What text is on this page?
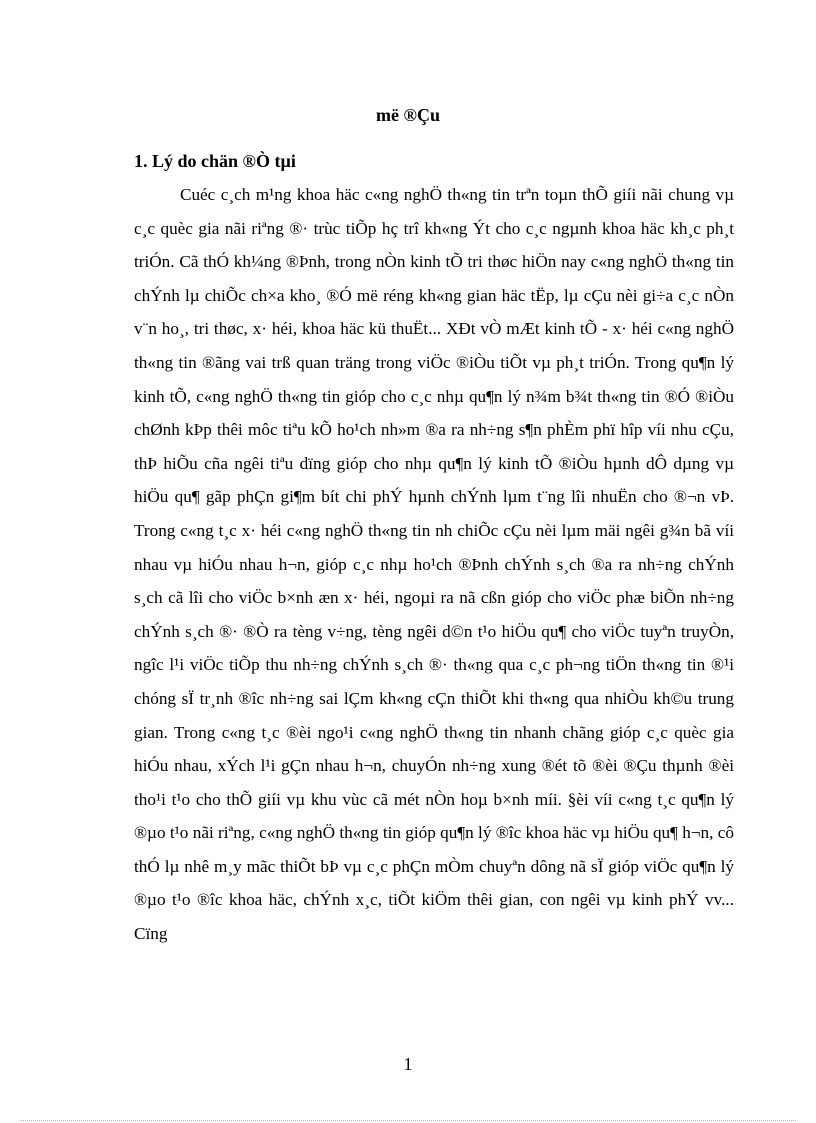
më ®Çu
1. Lý do chän ®Ò tµi

Cuéc c¸ch m¹ng khoa häc c«ng nghÖ th«ng tin trªn toµn thÕ giíi nãi chung vµ c¸c quèc gia nãi riªng ®· trùc tiÕp hç trî kh«ng Ýt cho c¸c ngµnh khoa häc kh¸c ph¸t triÓn. Cã thÓ kh¼ng ®Þnh, trong nÒn kinh tÕ tri thøc hiÖn nay c«ng nghÖ th«ng tin chÝnh lµ chiÕc ch×a kho¸ ®Ó më réng kh«ng gian häc tËp, lµ cÇu nèi gi÷a c¸c nÒn v¨n ho¸, tri thøc, x· héi, khoa häc kü thuËt... XÐt vÒ mÆt kinh tÕ - x· héi c«ng nghÖ th«ng tin ®ãng vai trß quan träng trong viÖc ®iÒu tiÕt vµ ph¸t triÓn. Trong qu¶n lý kinh tÕ, c«ng nghÖ th«ng tin gióp cho c¸c nhµ qu¶n lý n¾m b¾t th«ng tin ®Ó ®iÒu chØnh kÞp thêi môc tiªu kÕ ho¹ch nh»m ®a ra nh÷ng s¶n phÈm phï hîp víi nhu cÇu, thÞ hiÕu cña ngêi tiªu dïng gióp cho nhµ qu¶n lý kinh tÕ ®iÒu hµnh dÔ dµng vµ hiÖu qu¶ gãp phÇn gi¶m bít chi phÝ hµnh chÝnh lµm t¨ng lîi nhuËn cho ®¬n vÞ. Trong c«ng t¸c x· héi c«ng nghÖ th«ng tin nh chiÕc cÇu nèi lµm mäi ngêi g¾n bã víi nhau vµ hiÓu nhau h¬n, gióp c¸c nhµ ho¹ch ®Þnh chÝnh s¸ch ®a ra nh÷ng chÝnh s¸ch cã lîi cho viÖc b×nh æn x· héi, ngoµi ra nã cßn gióp cho viÖc phæ biÕn nh÷ng chÝnh s¸ch ®· ®Ò ra tèng v÷ng, tèng ngêi d©n t¹o hiÖu qu¶ cho viÖc tuyªn truyÒn, ngîc l¹i viÖc tiÕp thu nh÷ng chÝnh s¸ch ®· th«ng qua c¸c ph¬ng tiÖn th«ng tin ®¹i chóng sÏ tr¸nh ®îc nh÷ng sai lÇm kh«ng cÇn thiÕt khi th«ng qua nhiÒu kh©u trung gian. Trong c«ng t¸c ®èi ngo¹i c«ng nghÖ th«ng tin nhanh chãng gióp c¸c quèc gia hiÓu nhau, xÝch l¹i gÇn nhau h¬n, chuyÓn nh÷ng xung ®ét tõ ®èi ®Çu thµnh ®èi tho¹i t¹o cho thÕ giíi vµ khu vùc cã mét nÒn hoµ b×nh míi. §èi víi c«ng t¸c qu¶n lý ®µo t¹o nãi riªng, c«ng nghÖ th«ng tin gióp qu¶n lý ®îc khoa häc vµ hiÖu qu¶ h¬n, cô thÓ lµ nhê m¸y mãc thiÕt bÞ vµ c¸c phÇn mÒm chuyªn dông nã sÏ gióp viÖc qu¶n lý ®µo t¹o ®îc khoa häc, chÝnh x¸c, tiÕt kiÖm thêi gian, con ngêi vµ kinh phÝ vv... Cïng

1
